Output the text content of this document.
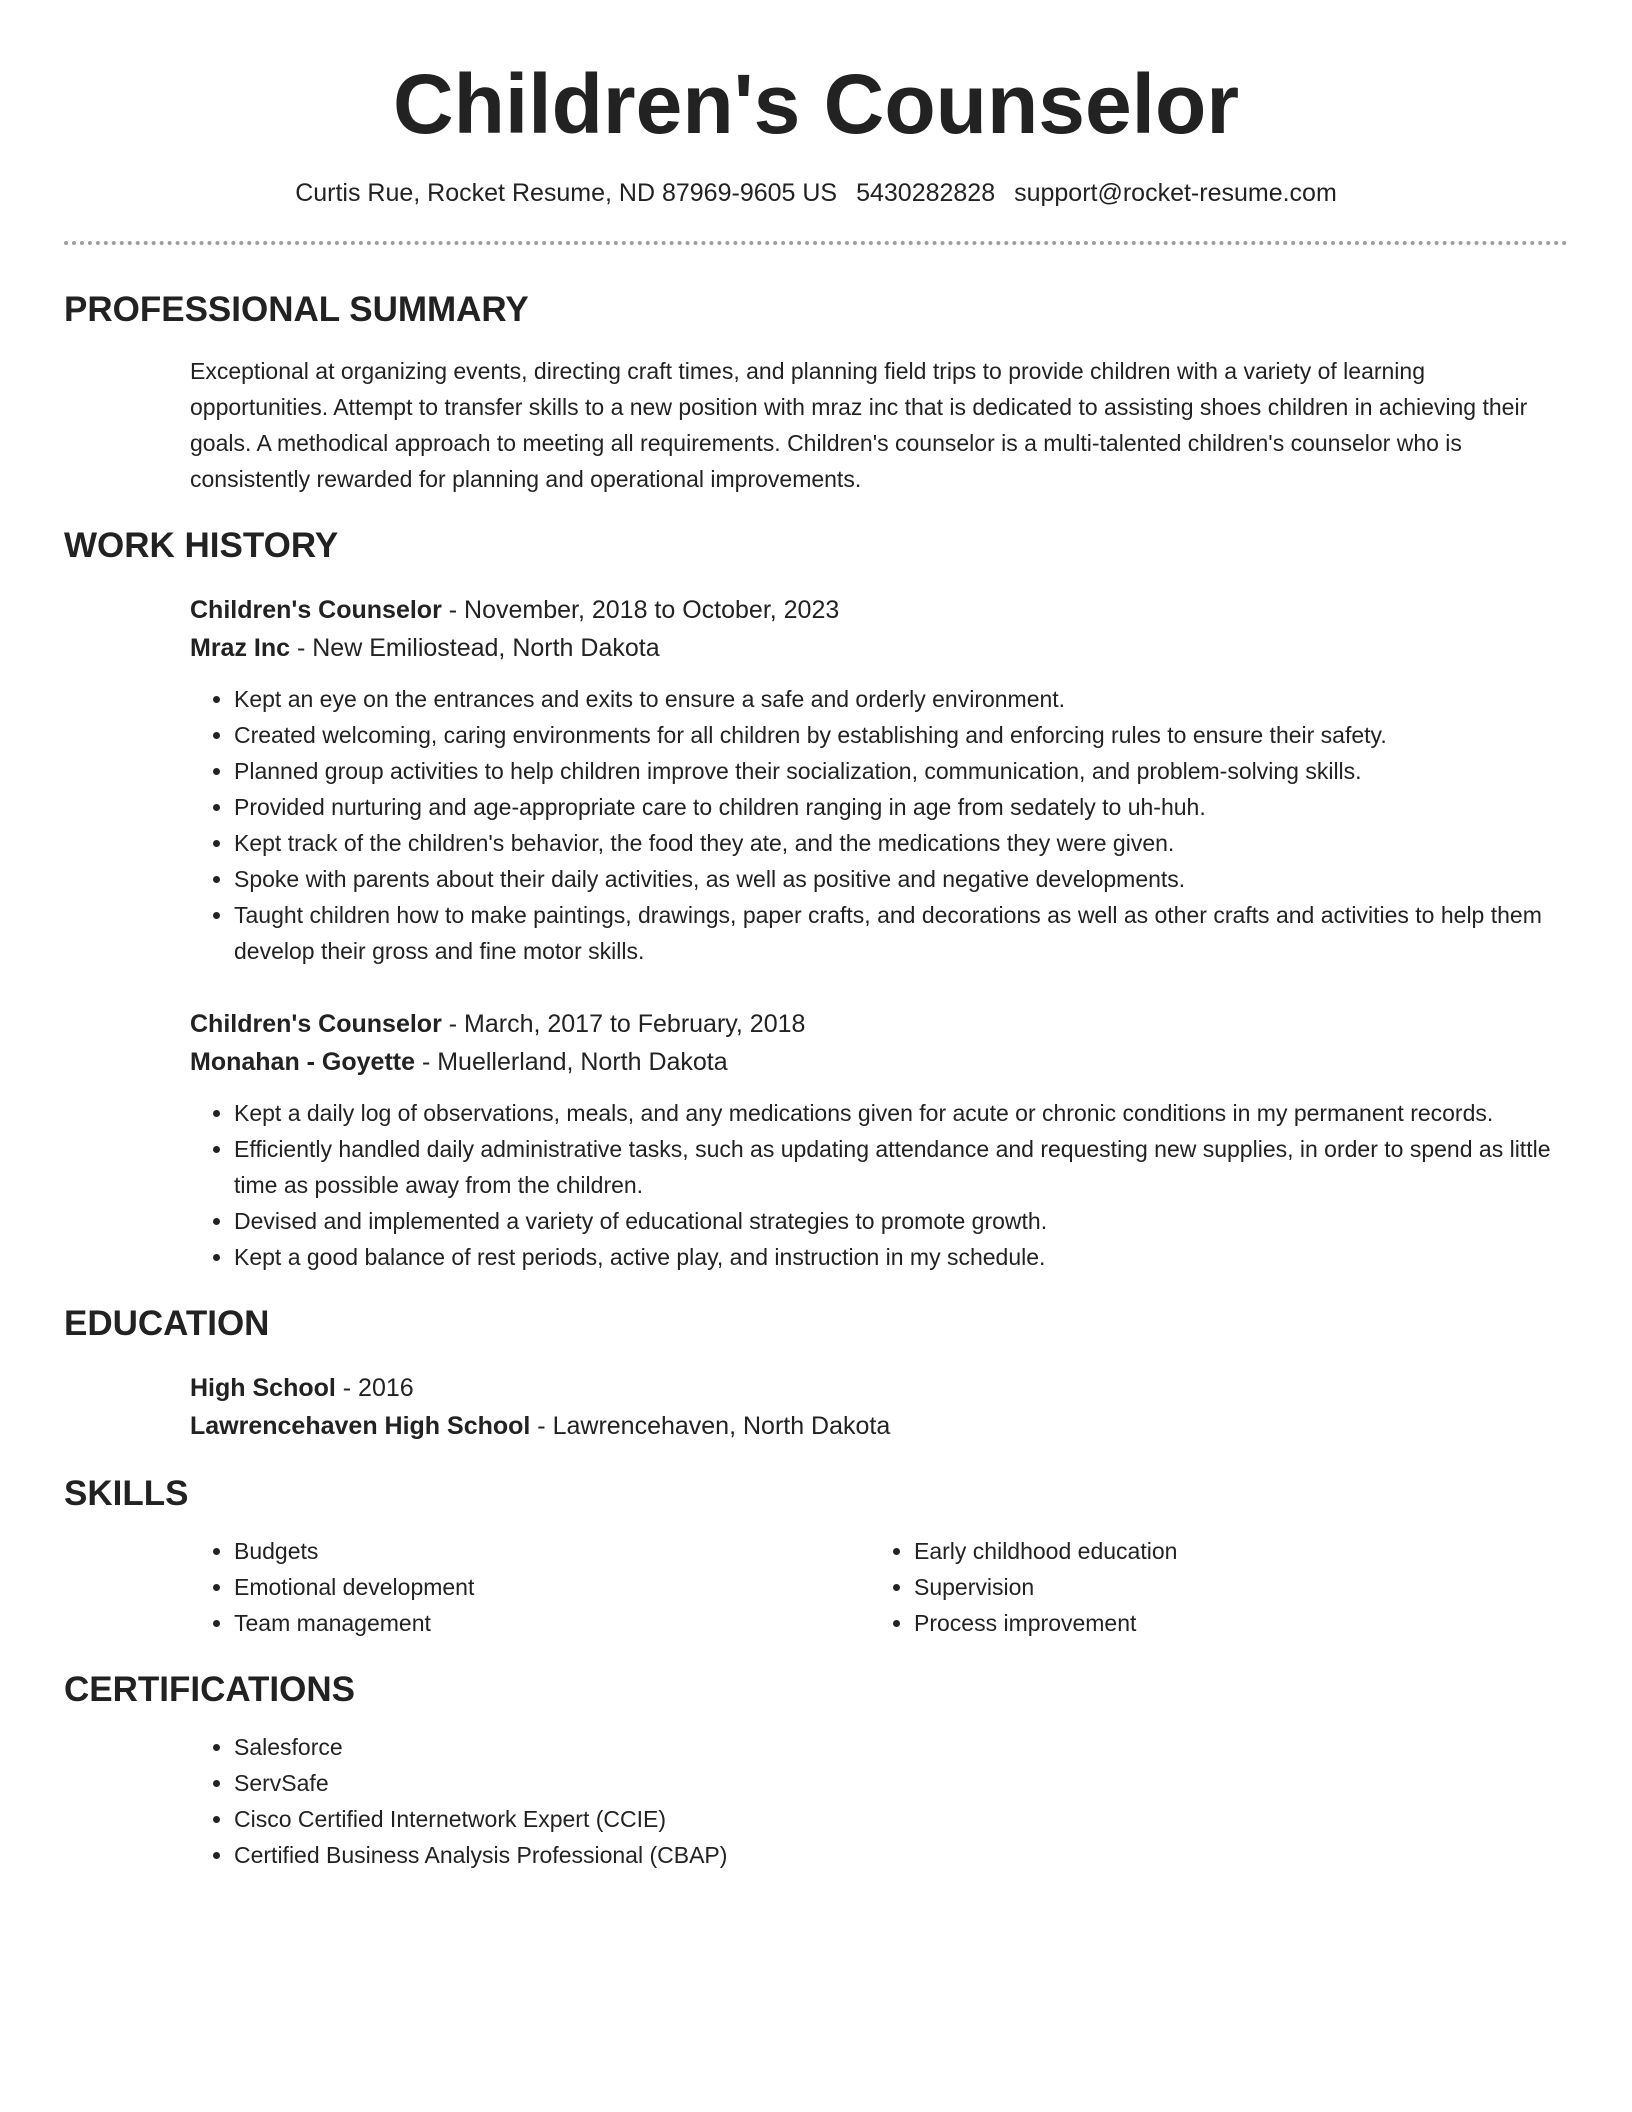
Children's Counselor
Curtis Rue, Rocket Resume, ND 87969-9605 US 5430282828 support@rocket-resume.com
PROFESSIONAL SUMMARY
Exceptional at organizing events, directing craft times, and planning field trips to provide children with a variety of learning opportunities. Attempt to transfer skills to a new position with mraz inc that is dedicated to assisting shoes children in achieving their goals. A methodical approach to meeting all requirements. Children's counselor is a multi-talented children's counselor who is consistently rewarded for planning and operational improvements.
WORK HISTORY
Children's Counselor - November, 2018 to October, 2023
Mraz Inc - New Emiliostead, North Dakota
• Kept an eye on the entrances and exits to ensure a safe and orderly environment.
• Created welcoming, caring environments for all children by establishing and enforcing rules to ensure their safety.
• Planned group activities to help children improve their socialization, communication, and problem-solving skills.
• Provided nurturing and age-appropriate care to children ranging in age from sedately to uh-huh.
• Kept track of the children's behavior, the food they ate, and the medications they were given.
• Spoke with parents about their daily activities, as well as positive and negative developments.
• Taught children how to make paintings, drawings, paper crafts, and decorations as well as other crafts and activities to help them develop their gross and fine motor skills.
Children's Counselor - March, 2017 to February, 2018
Monahan - Goyette - Muellerland, North Dakota
• Kept a daily log of observations, meals, and any medications given for acute or chronic conditions in my permanent records.
• Efficiently handled daily administrative tasks, such as updating attendance and requesting new supplies, in order to spend as little time as possible away from the children.
• Devised and implemented a variety of educational strategies to promote growth.
• Kept a good balance of rest periods, active play, and instruction in my schedule.
EDUCATION
High School - 2016
Lawrencehaven High School - Lawrencehaven, North Dakota
SKILLS
• Budgets
• Emotional development
• Team management
• Early childhood education
• Supervision
• Process improvement
CERTIFICATIONS
• Salesforce
• ServSafe
• Cisco Certified Internetwork Expert (CCIE)
• Certified Business Analysis Professional (CBAP)
